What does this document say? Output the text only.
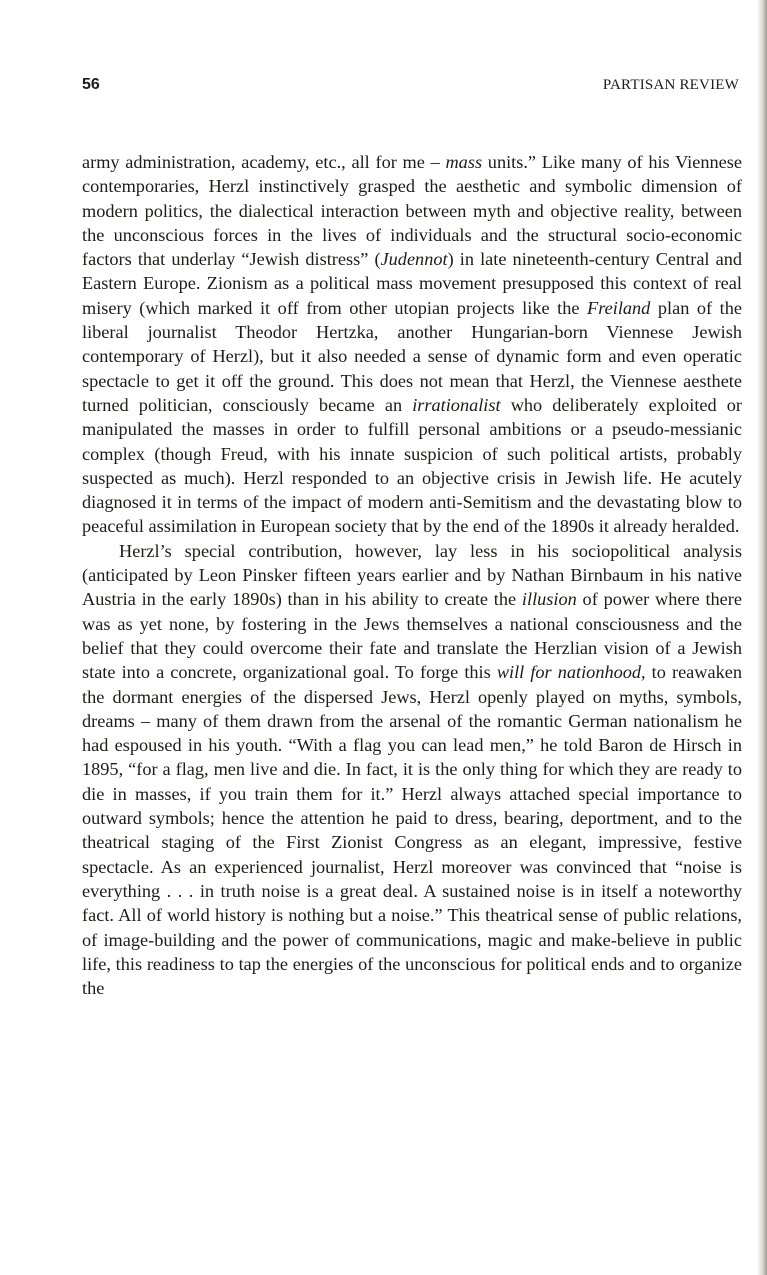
56	PARTISAN REVIEW

army administration, academy, etc., all for me – mass units.” Like many of his Viennese contemporaries, Herzl instinctively grasped the aesthetic and symbolic dimension of modern politics, the dialectical interaction between myth and objective reality, between the unconscious forces in the lives of individuals and the structural socio-economic factors that underlay “Jewish distress” (Judennot) in late nineteenth-century Central and Eastern Europe. Zionism as a political mass movement presupposed this context of real misery (which marked it off from other utopian projects like the Freiland plan of the liberal journalist Theodor Hertzka, another Hungarian-born Viennese Jewish contemporary of Herzl), but it also needed a sense of dynamic form and even operatic spectacle to get it off the ground. This does not mean that Herzl, the Viennese aesthete turned politician, consciously became an irrationalist who deliberately exploited or manipulated the masses in order to fulfill personal ambitions or a pseudo-messianic complex (though Freud, with his innate suspicion of such political artists, probably suspected as much). Herzl responded to an objective crisis in Jewish life. He acutely diagnosed it in terms of the impact of modern anti-Semitism and the devastating blow to peaceful assimilation in European society that by the end of the 1890s it already heralded.

Herzl’s special contribution, however, lay less in his sociopolitical analysis (anticipated by Leon Pinsker fifteen years earlier and by Nathan Birnbaum in his native Austria in the early 1890s) than in his ability to create the illusion of power where there was as yet none, by fostering in the Jews themselves a national consciousness and the belief that they could overcome their fate and translate the Herzlian vision of a Jewish state into a concrete, organizational goal. To forge this will for nationhood, to reawaken the dormant energies of the dispersed Jews, Herzl openly played on myths, symbols, dreams – many of them drawn from the arsenal of the romantic German nationalism he had espoused in his youth. “With a flag you can lead men,” he told Baron de Hirsch in 1895, “for a flag, men live and die. In fact, it is the only thing for which they are ready to die in masses, if you train them for it.” Herzl always attached special importance to outward symbols; hence the attention he paid to dress, bearing, deportment, and to the theatrical staging of the First Zionist Congress as an elegant, impressive, festive spectacle. As an experienced journalist, Herzl moreover was convinced that “noise is everything . . . in truth noise is a great deal. A sustained noise is in itself a noteworthy fact. All of world history is nothing but a noise.” This theatrical sense of public relations, of image-building and the power of communications, magic and make-believe in public life, this readiness to tap the energies of the unconscious for political ends and to organize the
